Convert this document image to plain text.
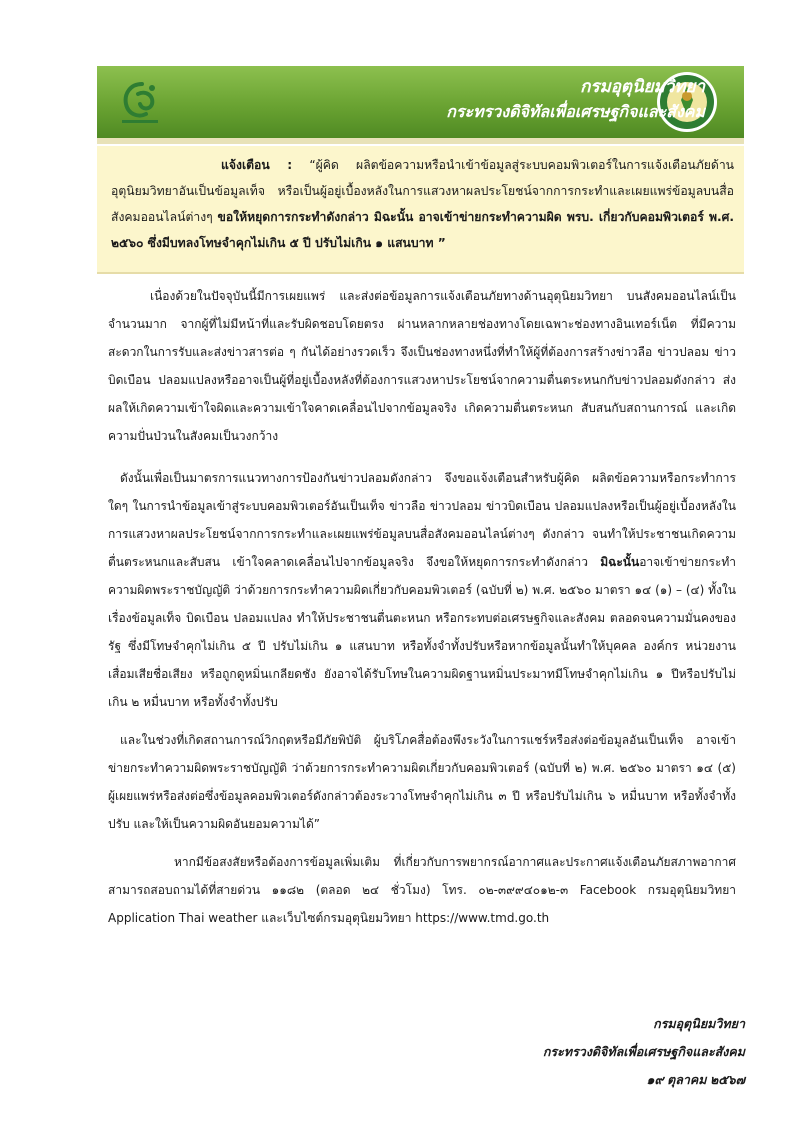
กรมอุตุนิยมวิทยา
กระทรวงดิจิทัลเพื่อเศรษฐกิจและสังคม
แจ้งเตือน : “ผู้คิด ผลิตข้อความหรือนำเข้าข้อมูลสู่ระบบคอมพิวเตอร์ในการแจ้งเตือนภัยด้านอุตุนิยมวิทยาอันเป็นข้อมูลเท็จ หรือเป็นผู้อยู่เบื้องหลังในการแสวงหาผลประโยชน์จากการกระทำและเผยแพร่ข้อมูลบนสื่อสังคมออนไลน์ต่างๆ ขอให้หยุดการกระทำดังกล่าว มิฉะนั้น อาจเข้าข่ายกระทำความผิด พรบ. เกี่ยวกับคอมพิวเตอร์ พ.ศ. ๒๕๖๐ ซึ่งมีบทลงโทษจำคุกไม่เกิน ๕ ปี ปรับไม่เกิน ๑ แสนบาท ”

เนื่องด้วยในปัจจุบันนี้มีการเผยแพร่ และส่งต่อข้อมูลการแจ้งเตือนภัยทางด้านอุตุนิยมวิทยา บนสังคมออนไลน์เป็นจำนวนมาก จากผู้ที่ไม่มีหน้าที่และรับผิดชอบโดยตรง ผ่านหลากหลายช่องทางโดยเฉพาะช่องทางอินเทอร์เน็ต ที่มีความสะดวกในการรับและส่งข่าวสารต่อ ๆ กันได้อย่างรวดเร็ว จึงเป็นช่องทางหนึ่งที่ทำให้ผู้ที่ต้องการสร้างข่าวลือ ข่าวปลอม ข่าวบิดเบือน ปลอมแปลงหรืออาจเป็นผู้ที่อยู่เบื้องหลังที่ต้องการแสวงหาประโยชน์จากความตื่นตระหนกกับข่าวปลอมดังกล่าว ส่งผลให้เกิดความเข้าใจผิดและความเข้าใจคาดเคลื่อนไปจากข้อมูลจริง เกิดความตื่นตระหนก สับสนกับสถานการณ์ และเกิดความปั่นป่วนในสังคมเป็นวงกว้าง

ดังนั้นเพื่อเป็นมาตรการแนวทางการป้องกันข่าวปลอมดังกล่าว จึงขอแจ้งเตือนสำหรับผู้คิด ผลิตข้อความหรือกระทำการใดๆ ในการนำข้อมูลเข้าสู่ระบบคอมพิวเตอร์อันเป็นเท็จ ข่าวลือ ข่าวปลอม ข่าวบิดเบือน ปลอมแปลงหรือเป็นผู้อยู่เบื้องหลังในการแสวงหาผลประโยชน์จากการกระทำและเผยแพร่ข้อมูลบนสื่อสังคมออนไลน์ต่างๆ ดังกล่าว จนทำให้ประชาชนเกิดความตื่นตระหนกและสับสน เข้าใจคลาดเคลื่อนไปจากข้อมูลจริง จึงขอให้หยุดการกระทำดังกล่าว มิฉะนั้นอาจเข้าข่ายกระทำความผิดพระราชบัญญัติ ว่าด้วยการกระทำความผิดเกี่ยวกับคอมพิวเตอร์ (ฉบับที่ ๒) พ.ศ. ๒๕๖๐ มาตรา ๑๔ (๑) – (๔) ทั้งในเรื่องข้อมูลเท็จ บิดเบือน ปลอมแปลง ทำให้ประชาชนตื่นตะหนก หรือกระทบต่อเศรษฐกิจและสังคม ตลอดจนความมั่นคงของรัฐ ซึ่งมีโทษจำคุกไม่เกิน ๕ ปี ปรับไม่เกิน ๑ แสนบาท หรือทั้งจำทั้งปรับหรือหากข้อมูลนั้นทำให้บุคคล องค์กร หน่วยงาน เสื่อมเสียชื่อเสียง หรือถูกดูหมิ่นเกลียดชัง ยังอาจได้รับโทษในความผิดฐานหมิ่นประมาทมีโทษจำคุกไม่เกิน ๑ ปีหรือปรับไม่เกิน ๒ หมื่นบาท หรือทั้งจำทั้งปรับ

และในช่วงที่เกิดสถานการณ์วิกฤตหรือมีภัยพิบัติ ผู้บริโภคสื่อต้องพึงระวังในการแชร์หรือส่งต่อข้อมูลอันเป็นเท็จ อาจเข้าข่ายกระทำความผิดพระราชบัญญัติ ว่าด้วยการกระทำความผิดเกี่ยวกับคอมพิวเตอร์ (ฉบับที่ ๒) พ.ศ. ๒๕๖๐ มาตรา ๑๔ (๕) ผู้เผยแพร่หรือส่งต่อซึ่งข้อมูลคอมพิวเตอร์ดังกล่าวต้องระวางโทษจำคุกไม่เกิน ๓ ปี หรือปรับไม่เกิน ๖ หมื่นบาท หรือทั้งจำทั้งปรับ และให้เป็นความผิดอันยอมความได้”

หากมีข้อสงสัยหรือต้องการข้อมูลเพิ่มเติม ที่เกี่ยวกับการพยากรณ์อากาศและประกาศแจ้งเตือนภัยสภาพอากาศ สามารถสอบถามได้ที่สายด่วน ๑๑๘๒ (ตลอด ๒๔ ชั่วโมง) โทร. ๐๒-๓๙๙๔๐๑๒-๓ Facebook กรมอุตุนิยมวิทยา Application Thai weather และเว็บไซต์กรมอุตุนิยมวิทยา https://www.tmd.go.th

กรมอุตุนิยมวิทยา
กระทรวงดิจิทัลเพื่อเศรษฐกิจและสังคม
๑๙ ตุลาคม ๒๕๖๗
